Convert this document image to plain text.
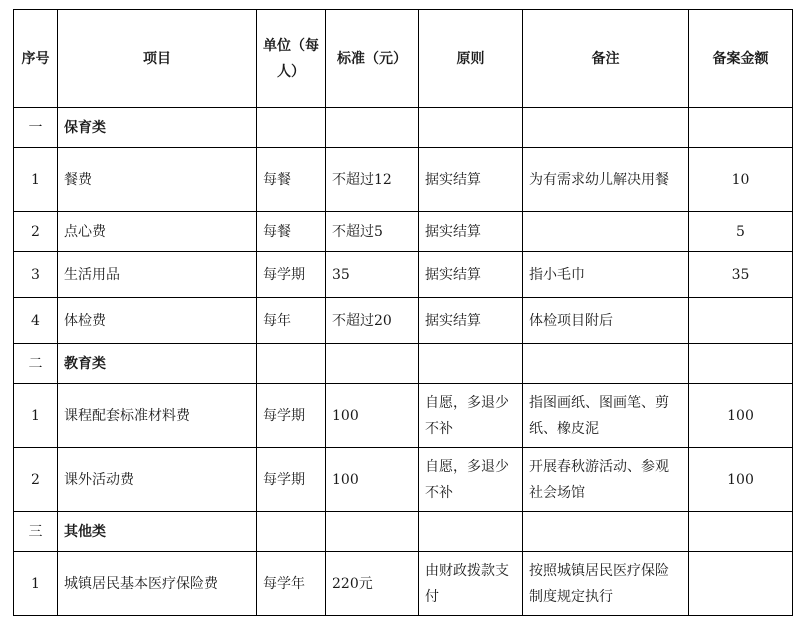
序号	项目	单位（每人）	标准（元）	原则	备注	备案金额
一	保育类					
1	餐费	每餐	不超过12	据实结算	为有需求幼儿解决用餐	10
2	点心费	每餐	不超过5	据实结算		5
3	生活用品	每学期	35	据实结算	指小毛巾	35
4	体检费	每年	不超过20	据实结算	体检项目附后	
二	教育类					
1	课程配套标准材料费	每学期	100	自愿，多退少不补	指图画纸、图画笔、剪纸、橡皮泥	100
2	课外活动费	每学期	100	自愿，多退少不补	开展春秋游活动、参观社会场馆	100
三	其他类					
1	城镇居民基本医疗保险费	每学年	220元	由财政拨款支付	按照城镇居民医疗保险制度规定执行	
